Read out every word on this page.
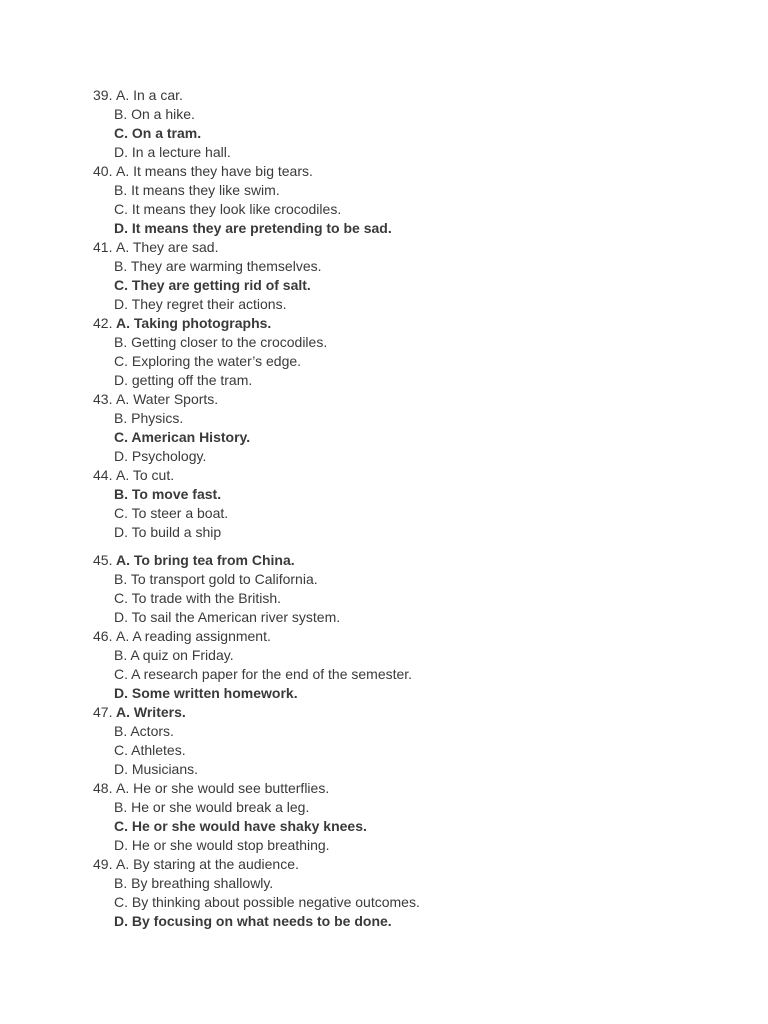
39. A. In a car.
B. On a hike.
C. On a tram.
D. In a lecture hall.
40. A. It means they have big tears.
B. It means they like swim.
C. It means they look like crocodiles.
D. It means they are pretending to be sad.
41. A. They are sad.
B. They are warming themselves.
C. They are getting rid of salt.
D. They regret their actions.
42. A. Taking photographs.
B. Getting closer to the crocodiles.
C. Exploring the water’s edge.
D. getting off the tram.
43. A. Water Sports.
B. Physics.
C. American History.
D. Psychology.
44. A. To cut.
B. To move fast.
C. To steer a boat.
D. To build a ship
45. A. To bring tea from China.
B. To transport gold to California.
C. To trade with the British.
D. To sail the American river system.
46. A. A reading assignment.
B. A quiz on Friday.
C. A research paper for the end of the semester.
D. Some written homework.
47. A. Writers.
B. Actors.
C. Athletes.
D. Musicians.
48. A. He or she would see butterflies.
B. He or she would break a leg.
C. He or she would have shaky knees.
D. He or she would stop breathing.
49. A. By staring at the audience.
B. By breathing shallowly.
C. By thinking about possible negative outcomes.
D. By focusing on what needs to be done.
